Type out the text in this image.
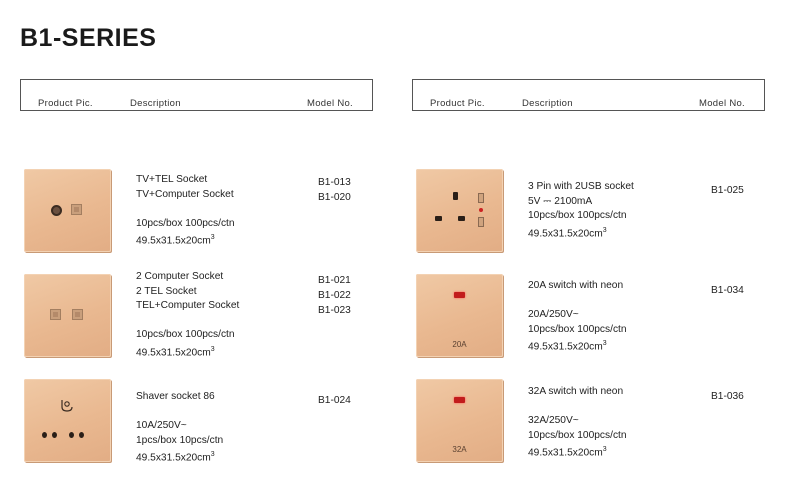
B1-SERIES
Product Pic.	Description	Model No.	Product Pic.	Description	Model No.
TV+TEL Socket
TV+Computer Socket

10pcs/box 100pcs/ctn
$49.5x31.5x20cm^3$
B1-013
B1-020
2 Computer Socket
2 TEL Socket
TEL+Computer Socket

10pcs/box 100pcs/ctn
$49.5x31.5x20cm^3$
B1-021
B1-022
B1-023
Shaver socket 86

10A/250V~
1pcs/box 10pcs/ctn
$49.5x31.5x20cm^3$
B1-024
3 Pin with 2USB socket
5V ⎓ 2100mA
10pcs/box 100pcs/ctn
$49.5x31.5x20cm^3$
B1-025
20A
20A switch with neon

20A/250V~
10pcs/box 100pcs/ctn
$49.5x31.5x20cm^3$
B1-034
32A
32A switch with neon

32A/250V~
10pcs/box 100pcs/ctn
$49.5x31.5x20cm^3$
B1-036
